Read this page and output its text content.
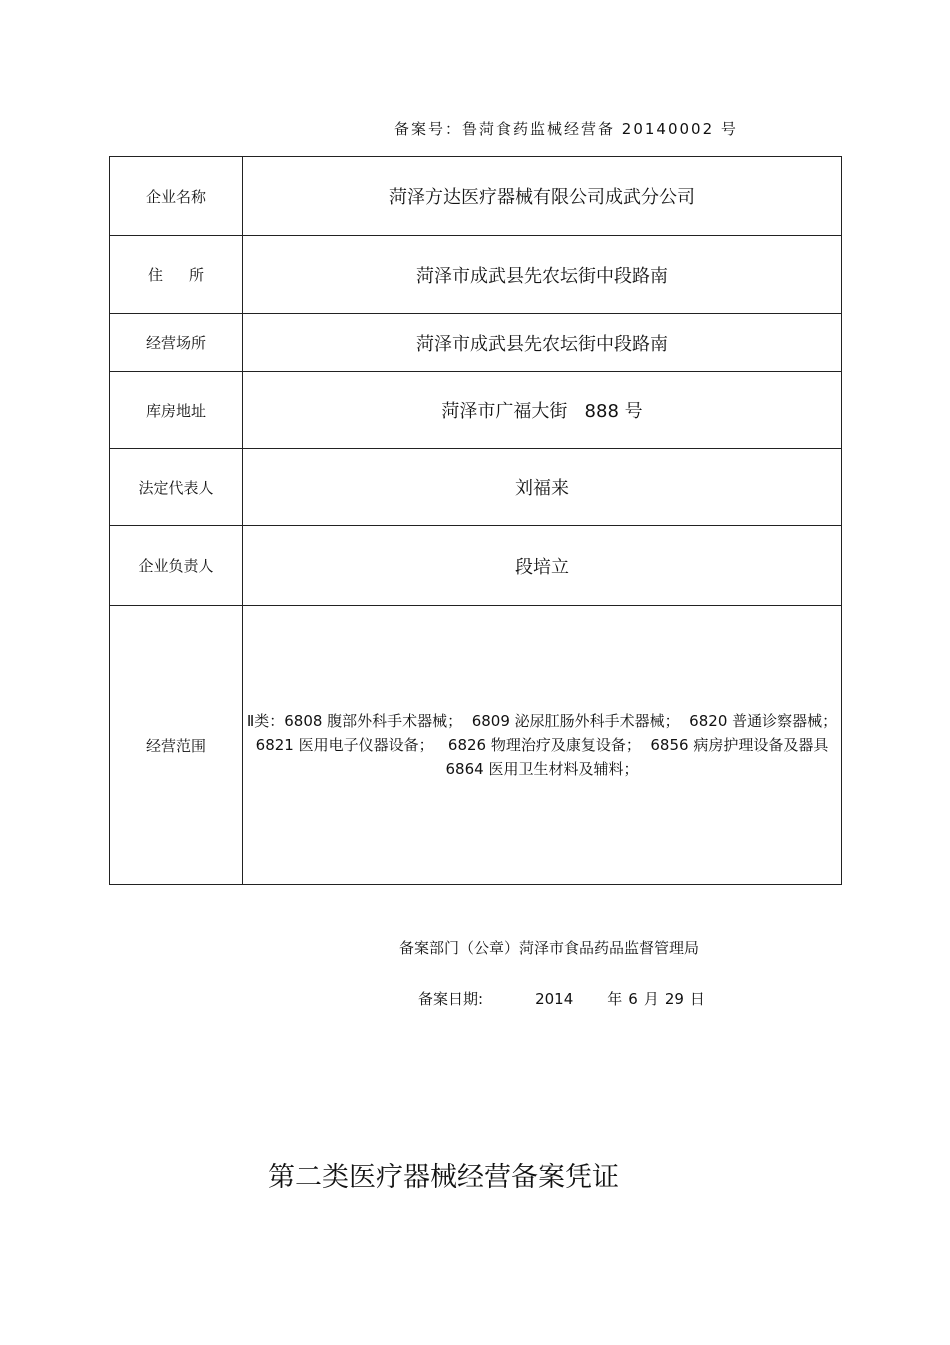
备案号：鲁菏食药监械经营备 20140002 号
企业名称	菏泽方达医疗器械有限公司成武分公司
住所	菏泽市成武县先农坛街中段路南
经营场所	菏泽市成武县先农坛街中段路南
库房地址	菏泽市广福大街   888 号
法定代表人	刘福来
企业负责人	段培立
经营范围	Ⅱ类：6808 腹部外科手术器械；  6809 泌尿肛肠外科手术器械；  6820 普通诊察器械；  6821 医用电子仪器设备；   6826 物理治疗及康复设备；  6856 病房护理设备及器具   6864 医用卫生材料及辅料；
备案部门（公章）菏泽市食品药品监督管理局
备案日期:	2014 年 6 月 29 日
第二类医疗器械经营备案凭证
